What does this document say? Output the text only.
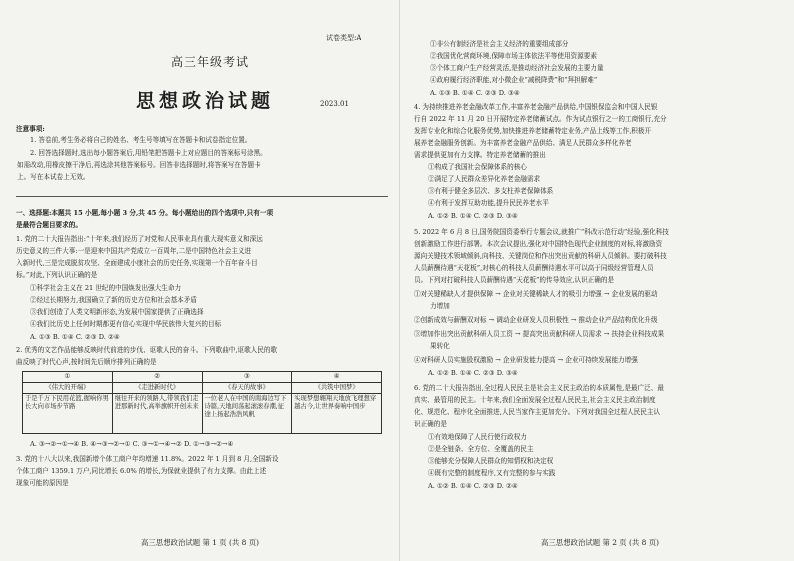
试卷类型:A

高三年级考试

思想政治试题	2023.01

注意事项:

1. 答卷前,考生务必将自己的姓名、考生号等填写在答题卡和试卷指定位置。

2. 回答选择题时,选出每小题答案后,用铅笔把答题卡上对应题目的答案标号涂黑。

如需改动,用橡皮擦干净后,再选涂其他答案标号。回答非选择题时,将答案写在答题卡

上。写在本试卷上无效。

一、选择题:本题共 15 小题,每小题 3 分,共 45 分。每小题给出的四个选项中,只有一项

是最符合题目要求的。

1. 党的二十大报告指出:“十年来,我们经历了对党和人民事业具有重大现实意义和深远

历史意义的三件大事:一是迎来中国共产党成立一百周年,二是中国特色社会主义进

入新时代,三是完成脱贫攻坚、全面建成小康社会的历史任务,实现第一个百年奋斗目

标。”对此,下列认识正确的是

①科学社会主义在 21 世纪的中国焕发出强大生命力

②经过长期努力,我国确立了新的历史方位和社会基本矛盾

③我们创造了人类文明新形态,为发展中国家提供了正确选择

④我们比历史上任何时期都更有信心实现中华民族伟大复兴的目标

A. ①③ B. ①④ C. ②③ D. ②④

2. 优秀的文艺作品能够反映时代前进的步伐、讴歌人民的奋斗。下列歌曲中,讴歌人民的歌

曲反映了时代心声,按时间先后顺序排列正确的是

①	②	③	④
《伟大的开端》	《走进新时代》	《春天的故事》	《共筑中国梦》
于是千万下民用花篮,握响你男长大向市场步节路	继往开来的领路人,带领我们走进那新时代,高举旗帜开创未来	一位老人在中国的南海边写下诗篇,天地间荡起滚滚春潮,征途上扬起浩浩风帆	实现梦想翱翔天地放飞理想穿越古今,让世界奏响中国步

A. ③→②→①→④ B. ④→③→②→① C. ③→①→④→② D. ①→③→②→④

3. 党的十八大以来,我国新增个体工商户年均增速 11.8%。2022 年 1 月到 8 月,全国新设

个体工商户 1359.1 万户,同比增长 6.0% 的增长,为保就业提供了有力支撑。由此上述

现象可能的原因是

高三思想政治试题 第 1 页 (共 8 页)

①非公有制经济是社会主义经济的重要组成部分

②我国优化营商环境,保障市场主体依法平等使用资源要素

③个体工商户生产经营灵活,是推动经济社会发展的主要力量

④政府履行经济职能,对小微企业“减税降费”和“拜担解难”

A. ①③ B. ①④ C. ②③ D. ③④

4. 为持续推进养老金融改革工作,丰富养老金融产品供给,中国银保监会和中国人民银

行自 2022 年 11 月 20 日开展特定养老储蓄试点。作为试点银行之一的工商银行,充分

发挥专业化和综合化服务优势,加快推进养老储蓄特定业务,产品上线等工作,积极开

展养老金融服务创新。为丰富养老金融产品供给、满足人民群众多样化养老

需求提供更加有力支撑。特定养老储蓄的推出

①构成了我国社会保障体系的核心

②满足了人民群众差异化养老金融需求

③有利于健全多层次、多支柱养老保障体系

④有利于发挥互助功能,提升民民养老水平

A. ①② B. ①④ C. ②③ D. ③④

5. 2022 年 6 月 8 日,国务院国资委举行专题会议,就推广“科改示范行动”经验,强化科技

创新激励工作进行部署。本次会议提出,强化对中国特色现代企业制度的对标,将激励资

源向关键技术领域倾斜,向科技、关键岗位和作出突出贡献的科研人员倾斜。要打破科技

人员薪酬待遇“天花板”,对核心的科技人员薪酬待遇水平可以高于同级经营管理人员

员。下列对打破科技人员薪酬待遇“天花板”的传导效应,认识正确的是

①对关键稀缺人才提供保障 → 企业对关键稀缺人才的吸引力增强 → 企业发展的驱动

力增加

②创新成效与薪酬双对标 → 调动企业研发人员积极性 → 推动企业产品结构优化升级

③增加作出突出贡献科研人员工资 → 提高突出贡献科研人员需求 → 扶持企业科技成果

果转化

④对科研人员实施股权激励 → 企业研发能力提高 → 企业可持续发展能力增强

A. ①② B. ①④ C. ②③ D. ③④

6. 党的二十大报告指出,全过程人民民主是社会主义民主政治的本质属性,是最广泛、最

真实、最管用的民主。十年来,我们全面发展全过程人民民主,社会主义民主政治制度

化、规范化、程序化全面推进,人民当家作主更加充分。下列对我国全过程人民民主认

识正确的是

①有效地保障了人民行使行政权力

②是全链条、全方位、全覆盖的民主

③能够充分保障人民群众的知情权和决定权

④既有完整的制度程序,又有完整的参与实践

A. ①② B. ①④ C. ②③ D. ②④

高三思想政治试题 第 2 页 (共 8 页)
